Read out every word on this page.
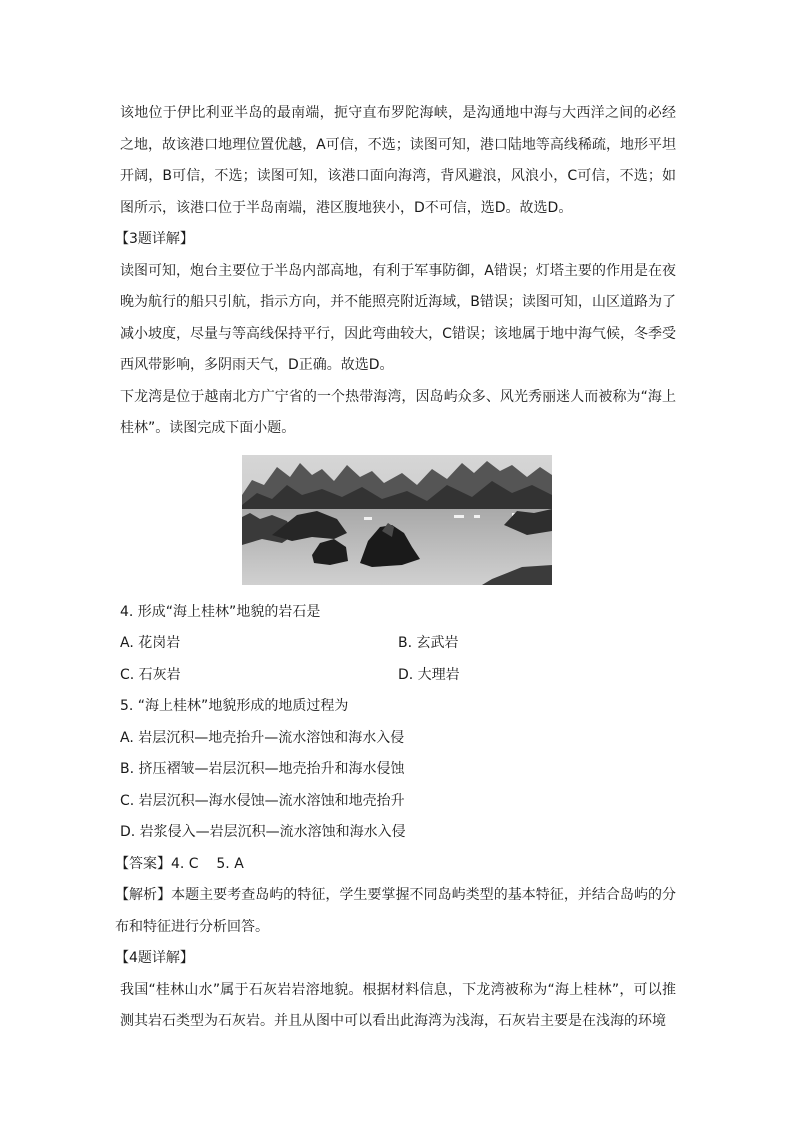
该地位于伊比利亚半岛的最南端，扼守直布罗陀海峡，是沟通地中海与大西洋之间的必经之地，故该港口地理位置优越，A可信，不选；读图可知，港口陆地等高线稀疏，地形平坦开阔，B可信，不选；读图可知，该港口面向海湾，背风避浪，风浪小，C可信，不选；如图所示，该港口位于半岛南端，港区腹地狭小，D不可信，选D。故选D。

【3题详解】

读图可知，炮台主要位于半岛内部高地，有利于军事防御，A错误；灯塔主要的作用是在夜晚为航行的船只引航，指示方向，并不能照亮附近海域，B错误；读图可知，山区道路为了减小坡度，尽量与等高线保持平行，因此弯曲较大，C错误；该地属于地中海气候，冬季受西风带影响，多阴雨天气，D正确。故选D。

下龙湾是位于越南北方广宁省的一个热带海湾，因岛屿众多、风光秀丽迷人而被称为“海上桂林”。读图完成下面小题。

4. 形成“海上桂林”地貌的岩石是

A. 花岗岩	B. 玄武岩
C. 石灰岩	D. 大理岩

5. “海上桂林”地貌形成的地质过程为

A. 岩层沉积—地壳抬升—流水溶蚀和海水入侵

B. 挤压褶皱—岩层沉积—地壳抬升和海水侵蚀

C. 岩层沉积—海水侵蚀—流水溶蚀和地壳抬升

D. 岩浆侵入—岩层沉积—流水溶蚀和海水入侵

【答案】4. C    5. A

【解析】本题主要考查岛屿的特征，学生要掌握不同岛屿类型的基本特征，并结合岛屿的分布和特征进行分析回答。

【4题详解】

我国“桂林山水”属于石灰岩岩溶地貌。根据材料信息，下龙湾被称为“海上桂林”，可以推测其岩石类型为石灰岩。并且从图中可以看出此海湾为浅海，石灰岩主要是在浅海的环境
